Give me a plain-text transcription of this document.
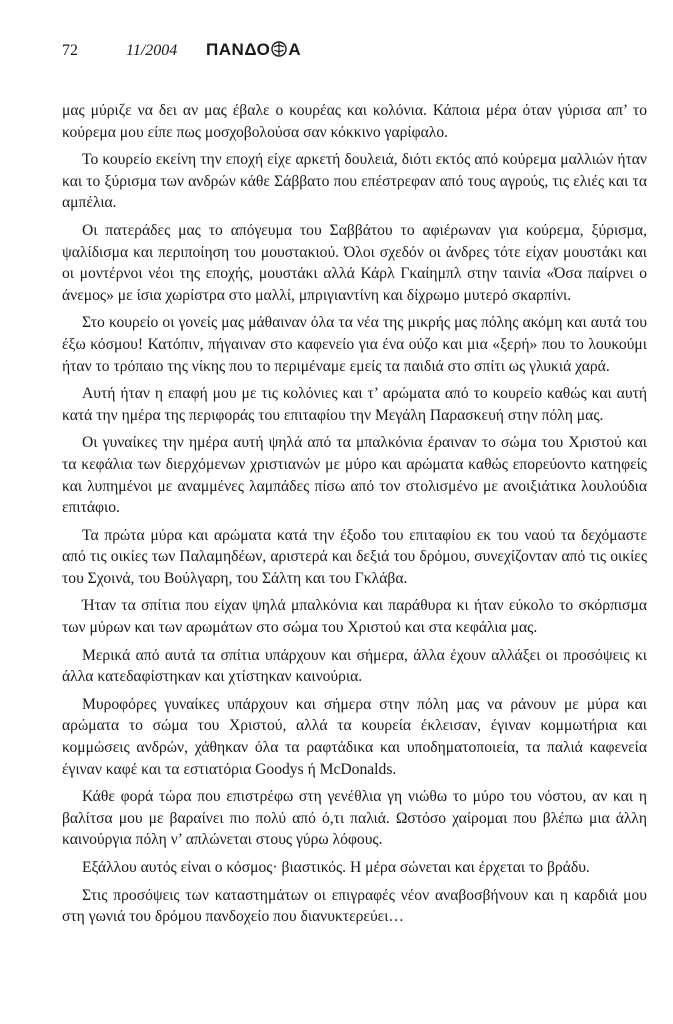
72	11/2004 ΠΑΝΔΟ Α

μας μύριζε να δει αν μας έβαλε ο κουρέας και κολόνια. Κάποια μέρα όταν γύρισα απ’ το κούρεμα μου είπε πως μοσχοβολούσα σαν κόκκινο γαρίφαλο.

Το κουρείο εκείνη την εποχή είχε αρκετή δουλειά, διότι εκτός από κούρεμα μαλλιών ήταν και το ξύρισμα των ανδρών κάθε Σάββατο που επέστρεφαν από τους αγρούς, τις ελιές και τα αμπέλια.

Οι πατεράδες μας το απόγευμα του Σαββάτου το αφιέρωναν για κούρεμα, ξύρισμα, ψαλίδισμα και περιποίηση του μουστακιού. Όλοι σχεδόν οι άνδρες τότε είχαν μουστάκι και οι μοντέρνοι νέοι της εποχής, μουστάκι αλλά Κάρλ Γκαίημπλ στην ταινία «Όσα παίρνει ο άνεμος» με ίσια χωρίστρα στο μαλλί, μπριγιαντίνη και δίχρωμο μυτερό σκαρπίνι.

Στο κουρείο οι γονείς μας μάθαιναν όλα τα νέα της μικρής μας πόλης ακόμη και αυτά του έξω κόσμου! Κατόπιν, πήγαιναν στο καφενείο για ένα ούζο και μια «ξερή» που το λουκούμι ήταν το τρόπαιο της νίκης που το περιμέναμε εμείς τα παιδιά στο σπίτι ως γλυκιά χαρά.

Αυτή ήταν η επαφή μου με τις κολόνιες και τ’ αρώματα από το κουρείο καθώς και αυτή κατά την ημέρα της περιφοράς του επιταφίου την Μεγάλη Παρασκευή στην πόλη μας.

Οι γυναίκες την ημέρα αυτή ψηλά από τα μπαλκόνια έραιναν το σώμα του Χριστού και τα κεφάλια των διερχόμενων χριστιανών με μύρο και αρώματα καθώς επορεύοντο κατηφείς και λυπημένοι με αναμμένες λαμπάδες πίσω από τον στολισμένο με ανοιξιάτικα λουλούδια επιτάφιο.

Τα πρώτα μύρα και αρώματα κατά την έξοδο του επιταφίου εκ του ναού τα δεχόμαστε από τις οικίες των Παλαμηδέων, αριστερά και δεξιά του δρόμου, συνεχίζονταν από τις οικίες του Σχοινά, του Βούλγαρη, του Σάλτη και του Γκλάβα.

Ήταν τα σπίτια που είχαν ψηλά μπαλκόνια και παράθυρα κι ήταν εύκολο το σκόρπισμα των μύρων και των αρωμάτων στο σώμα του Χριστού και στα κεφάλια μας.

Μερικά από αυτά τα σπίτια υπάρχουν και σήμερα, άλλα έχουν αλλάξει οι προσόψεις κι άλλα κατεδαφίστηκαν και χτίστηκαν καινούρια.

Μυροφόρες γυναίκες υπάρχουν και σήμερα στην πόλη μας να ράνουν με μύρα και αρώματα το σώμα του Χριστού, αλλά τα κουρεία έκλεισαν, έγιναν κομμωτήρια και κομμώσεις ανδρών, χάθηκαν όλα τα ραφτάδικα και υποδηματοποιεία, τα παλιά καφενεία έγιναν καφέ και τα εστιατόρια Goodys ή McDonalds.

Κάθε φορά τώρα που επιστρέφω στη γενέθλια γη νιώθω το μύρο του νόστου, αν και η βαλίτσα μου με βαραίνει πιο πολύ από ό,τι παλιά. Ωστόσο χαίρομαι που βλέπω μια άλλη καινούργια πόλη ν’ απλώνεται στους γύρω λόφους.

Εξάλλου αυτός είναι ο κόσμος· βιαστικός. Η μέρα σώνεται και έρχεται το βράδυ.

Στις προσόψεις των καταστημάτων οι επιγραφές νέον αναβοσβήνουν και η καρδιά μου στη γωνιά του δρόμου πανδοχείο που διανυκτερεύει…
